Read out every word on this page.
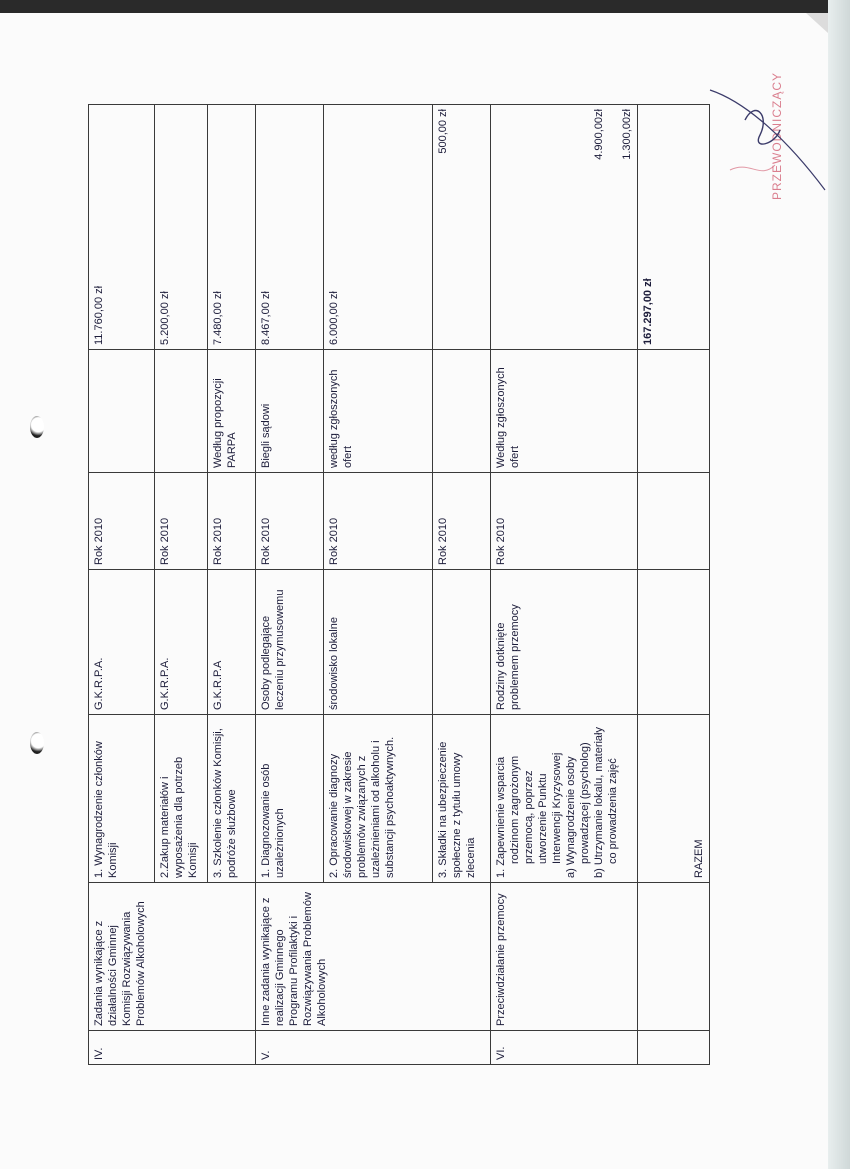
IV.	Zadania wynikające z działalności Gminnej Komisji Rozwiązywania Problemów Alkoholowych	1. Wynagrodzenie członków Komisji	G.K.R.P.A.	Rok 2010		11.760,00 zł
		2.Zakup materiałów i wyposażenia dla potrzeb Komisji	G.K.R.P.A.	Rok 2010		5.200,00 zł
		3. Szkolenie członków Komisji, podróże służbowe	G.K.R.P.A	Rok 2010	Według propozycji PARPA	7.480,00 zł
V.	Inne zadania wynikające z realizacji Gminnego Programu Profilaktyki i Rozwiązywania Problemów Alkoholowych	1. Diagnozowanie osób uzależnionych	Osoby podlegające leczeniu przymusowemu	Rok 2010	Biegli sądowi	8.467,00 zł
		2. Opracowanie diagnozy środowiskowej w zakresie problemów związanych z uzależnieniami od alkoholu i substancji psychoaktywnych.	środowisko lokalne	Rok 2010	według zgłoszonych ofert	6.000,00 zł
		3. Składki na ubezpieczenie społeczne z tytułu umowy zlecenia		Rok 2010		500,00 zł
VI.	Przeciwdziałanie przemocy	1. Zapewnienie wsparcia rodzinom zagrożonym przemocą, poprzez utworzenie Punktu Interwencji Kryzysowej a) Wynagrodzenie osoby prowadzącej (psycholog) b) Utrzymanie lokalu, materiały co prowadzenia zajęć	Rodziny dotknięte problemem przemocy	Rok 2010	Według zgłoszonych ofert	4.900,00zł 1.300,00zł

		RAZEM				167.297,00 zł
PRZEWODNICZĄCY
